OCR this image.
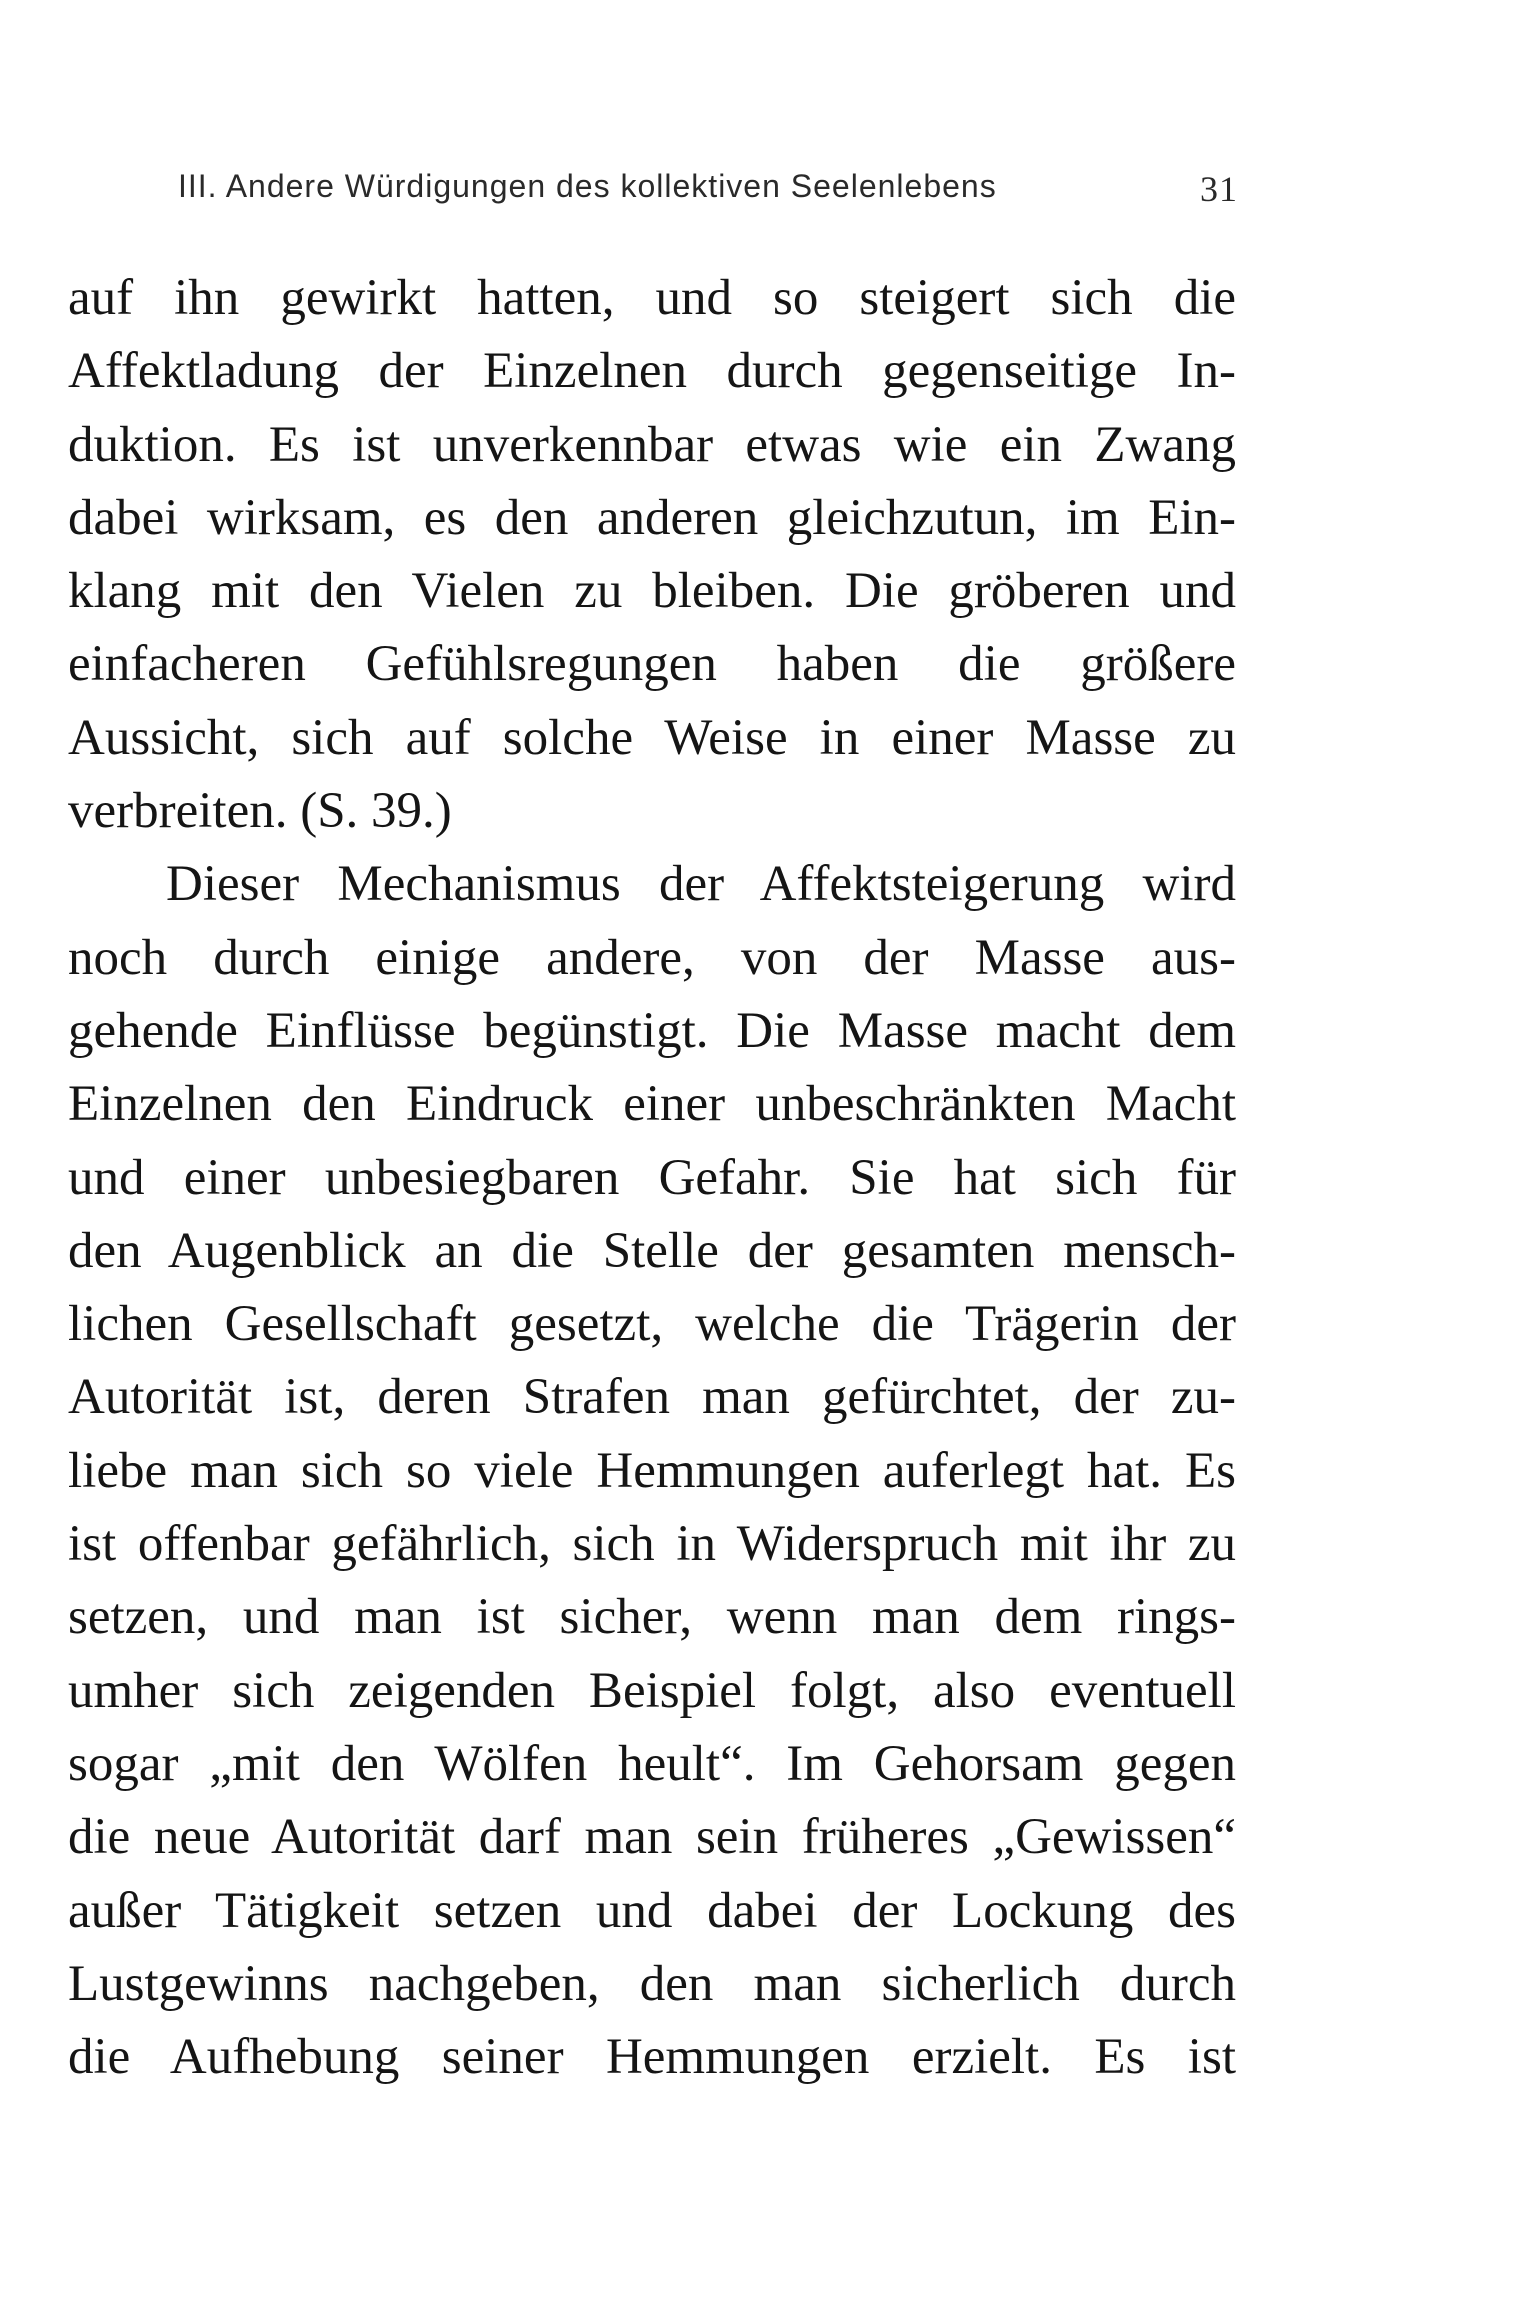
III. Andere Würdigungen des kollektiven Seelenlebens	31
auf ihn gewirkt hatten, und so steigert sich die
Affektladung der Einzelnen durch gegenseitige In-
duktion. Es ist unverkennbar etwas wie ein Zwang
dabei wirksam, es den anderen gleichzutun, im Ein-
klang mit den Vielen zu bleiben. Die gröberen und
einfacheren Gefühlsregungen haben die größere
Aussicht, sich auf solche Weise in einer Masse zu
verbreiten. (S. 39.)
Dieser Mechanismus der Affektsteigerung wird
noch durch einige andere, von der Masse aus-
gehende Einflüsse begünstigt. Die Masse macht dem
Einzelnen den Eindruck einer unbeschränkten Macht
und einer unbesiegbaren Gefahr. Sie hat sich für
den Augenblick an die Stelle der gesamten mensch-
lichen Gesellschaft gesetzt, welche die Trägerin der
Autorität ist, deren Strafen man gefürchtet, der zu-
liebe man sich so viele Hemmungen auferlegt hat. Es
ist offenbar gefährlich, sich in Widerspruch mit ihr zu
setzen, und man ist sicher, wenn man dem rings-
umher sich zeigenden Beispiel folgt, also eventuell
sogar „mit den Wölfen heult“. Im Gehorsam gegen
die neue Autorität darf man sein früheres „Gewissen“
außer Tätigkeit setzen und dabei der Lockung des
Lustgewinns nachgeben, den man sicherlich durch
die Aufhebung seiner Hemmungen erzielt. Es ist
